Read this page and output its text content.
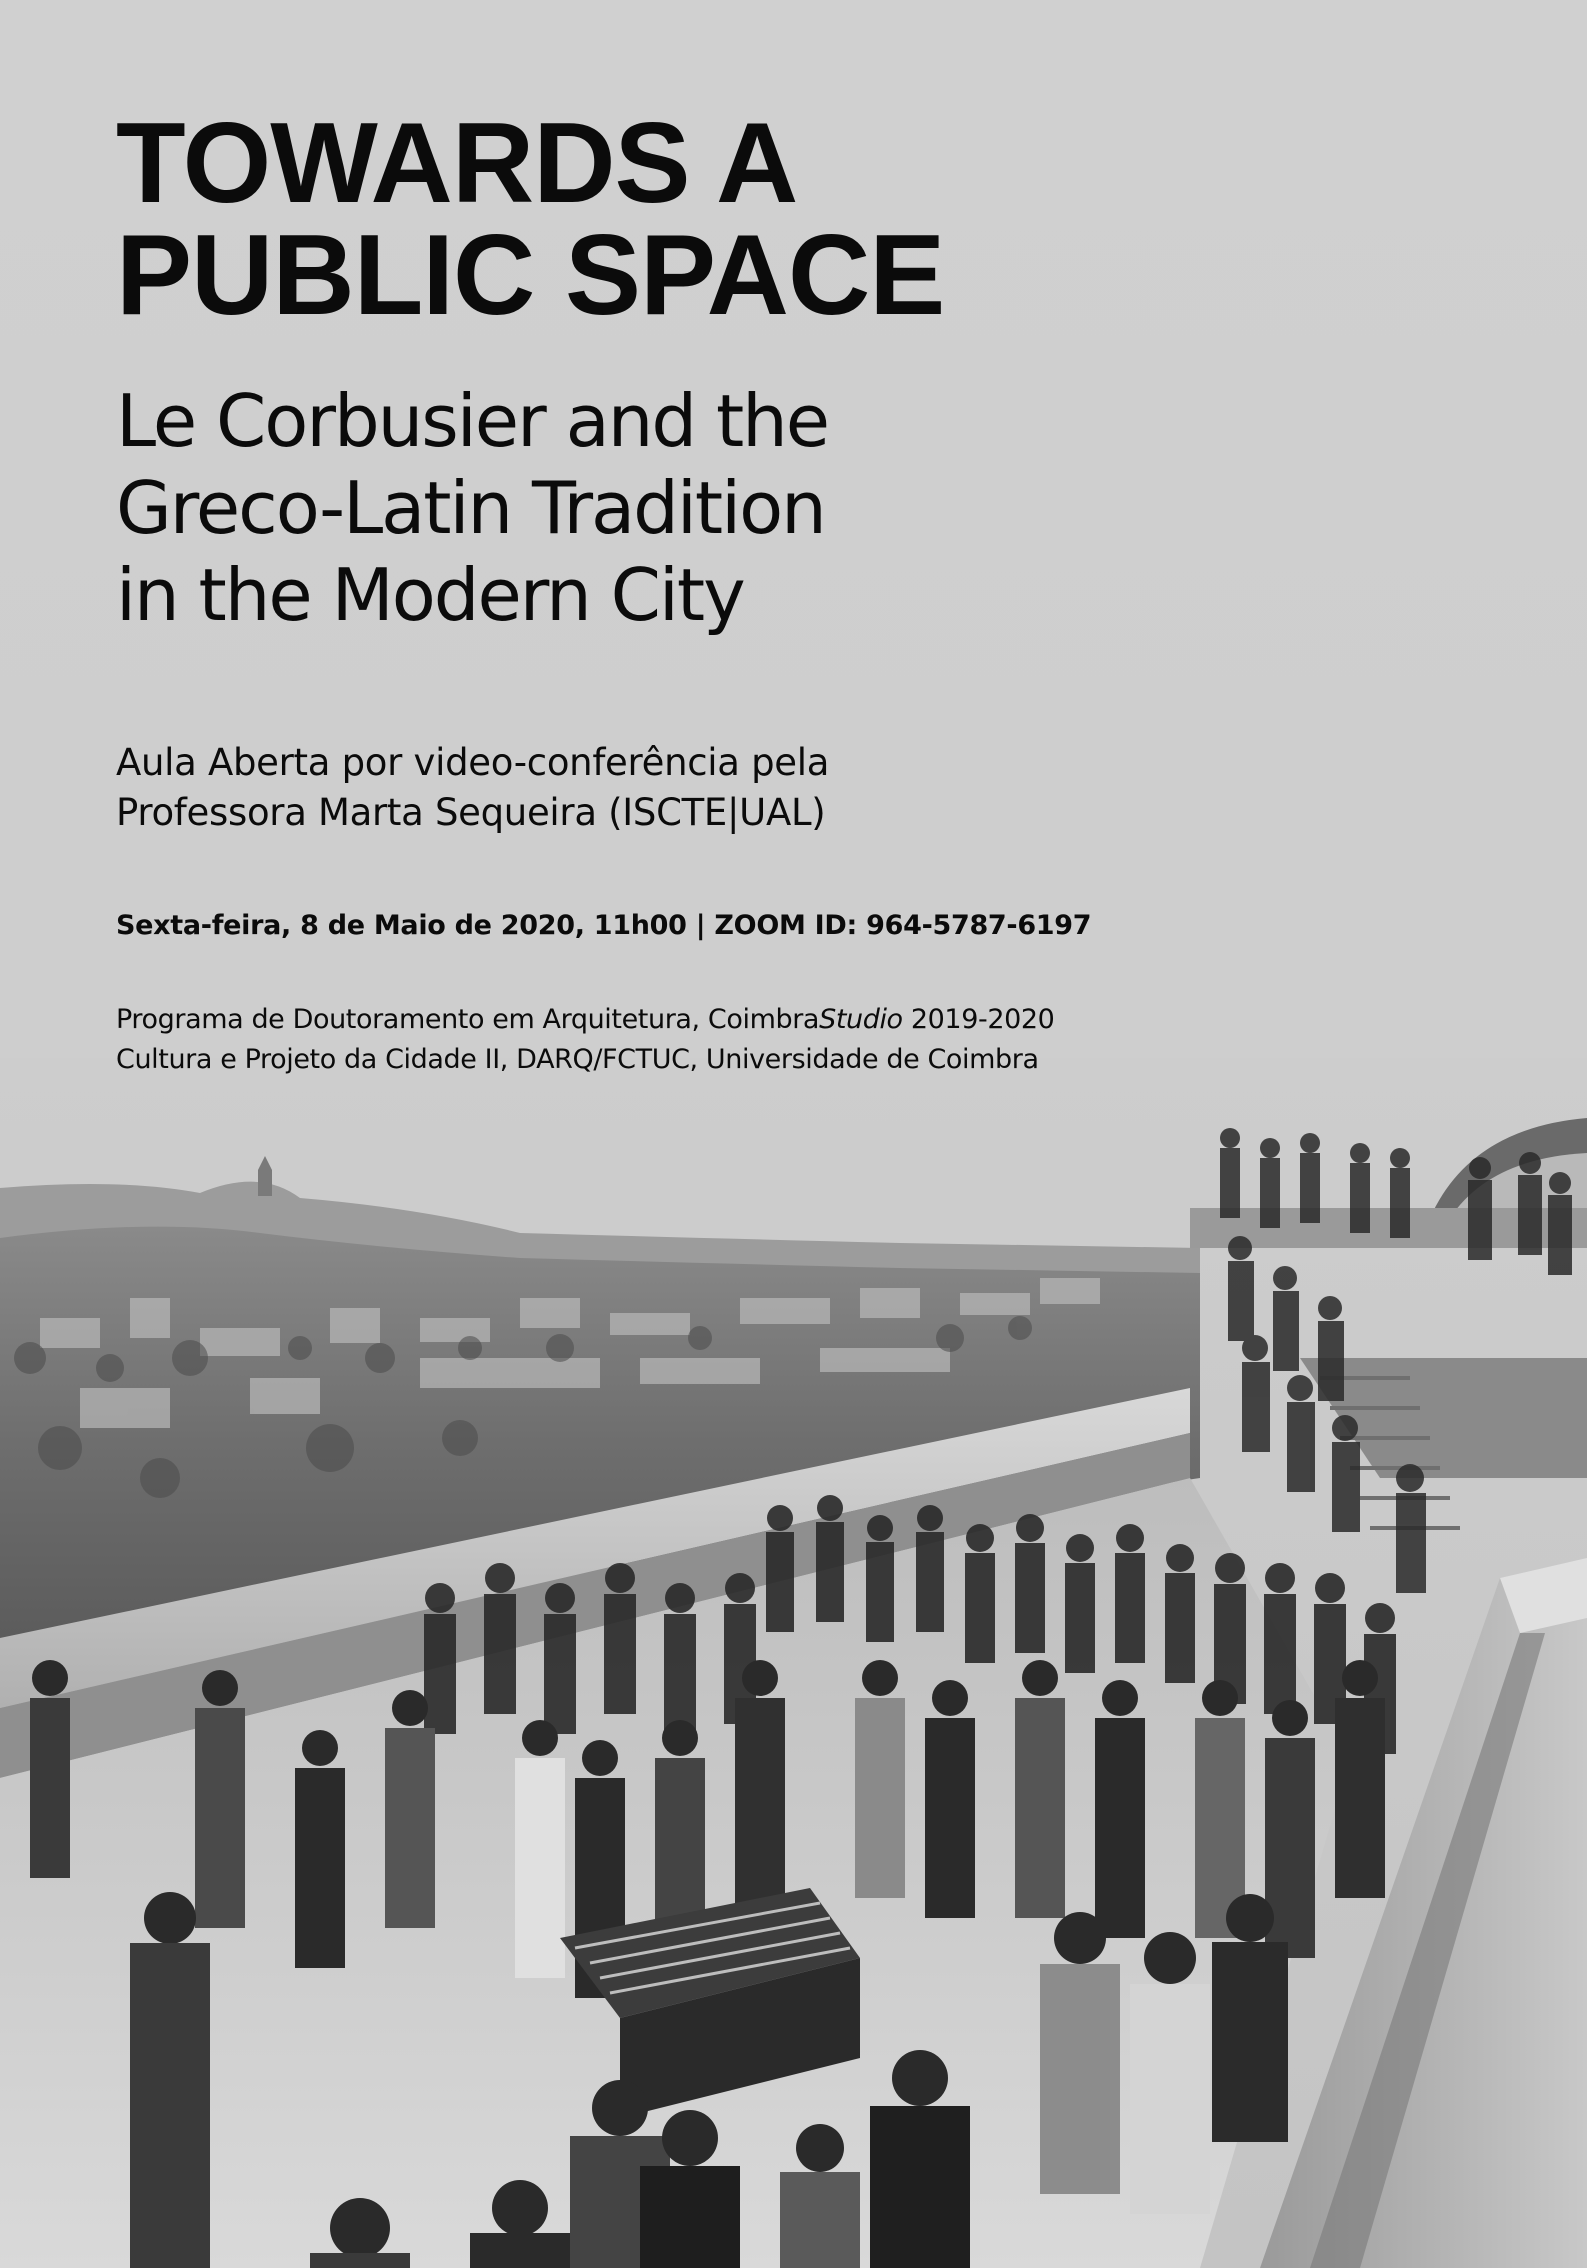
TOWARDS A
PUBLIC SPACE
Le Corbusier and the
Greco-Latin Tradition
in the Modern City
Aula Aberta por video-conferência pela
Professora Marta Sequeira (ISCTE|UAL)
Sexta-feira, 8 de Maio de 2020, 11h00 | ZOOM ID: 964-5787-6197
Programa de Doutoramento em Arquitetura, CoimbraStudio 2019-2020
Cultura e Projeto da Cidade II, DARQ/FCTUC, Universidade de Coimbra
